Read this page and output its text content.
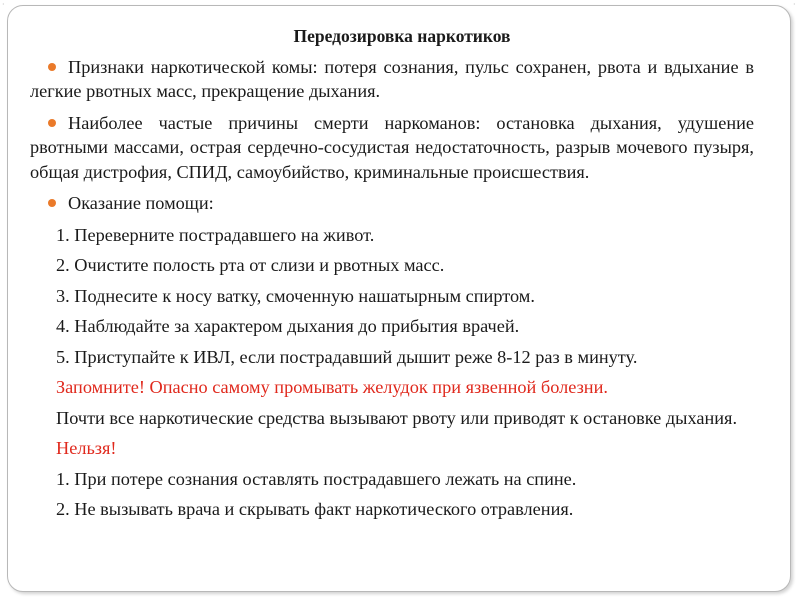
·	·
Передозировка наркотиков

Признаки наркотической комы: потеря сознания, пульс сохранен, рвота и вдыхание в легкие рвотных масс, прекращение дыхания.

Наиболее частые причины смерти наркоманов: остановка дыхания, удушение рвотными массами, острая сердечно-сосудистая недостаточность, разрыв мочевого пузыря, общая дистрофия, СПИД, самоубийство, криминальные происшествия.

Оказание помощи:

1. Переверните пострадавшего на живот.
2. Очистите полость рта от слизи и рвотных масс.
3. Поднесите к носу ватку, смоченную нашатырным спиртом.
4. Наблюдайте за характером дыхания до прибытия врачей.
5. Приступайте к ИВЛ, если пострадавший дышит реже 8-12 раз в минуту.
Запомните! Опасно самому промывать желудок при язвенной болезни.

Почти все наркотические средства вызывают рвоту или приводят к остановке дыхания.

Нельзя!
1. При потере сознания оставлять пострадавшего лежать на спине.
2. Не вызывать врача и скрывать факт наркотического отравления.
